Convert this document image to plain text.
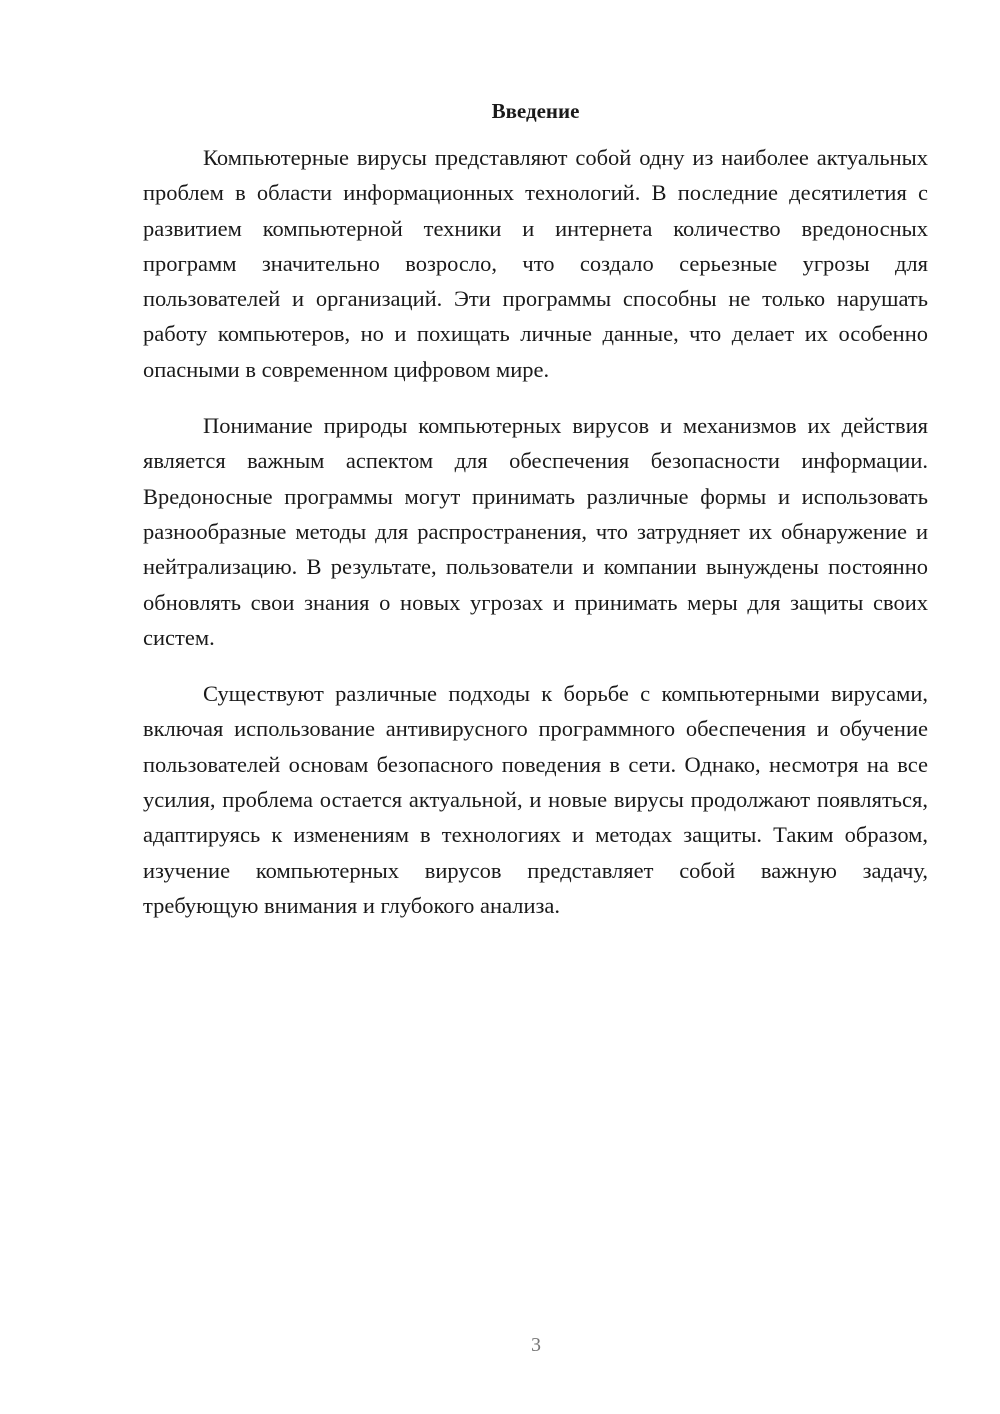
Введение

Компьютерные вирусы представляют собой одну из наиболее актуальных проблем в области информационных технологий. В последние десятилетия с развитием компьютерной техники и интернета количество вредоносных программ значительно возросло, что создало серьезные угрозы для пользователей и организаций. Эти программы способны не только нарушать работу компьютеров, но и похищать личные данные, что делает их особенно опасными в современном цифровом мире.

Понимание природы компьютерных вирусов и механизмов их действия является важным аспектом для обеспечения безопасности информации. Вредоносные программы могут принимать различные формы и использовать разнообразные методы для распространения, что затрудняет их обнаружение и нейтрализацию. В результате, пользователи и компании вынуждены постоянно обновлять свои знания о новых угрозах и принимать меры для защиты своих систем.

Существуют различные подходы к борьбе с компьютерными вирусами, включая использование антивирусного программного обеспечения и обучение пользователей основам безопасного поведения в сети. Однако, несмотря на все усилия, проблема остается актуальной, и новые вирусы продолжают появляться, адаптируясь к изменениям в технологиях и методах защиты. Таким образом, изучение компьютерных вирусов представляет собой важную задачу, требующую внимания и глубокого анализа.

3
